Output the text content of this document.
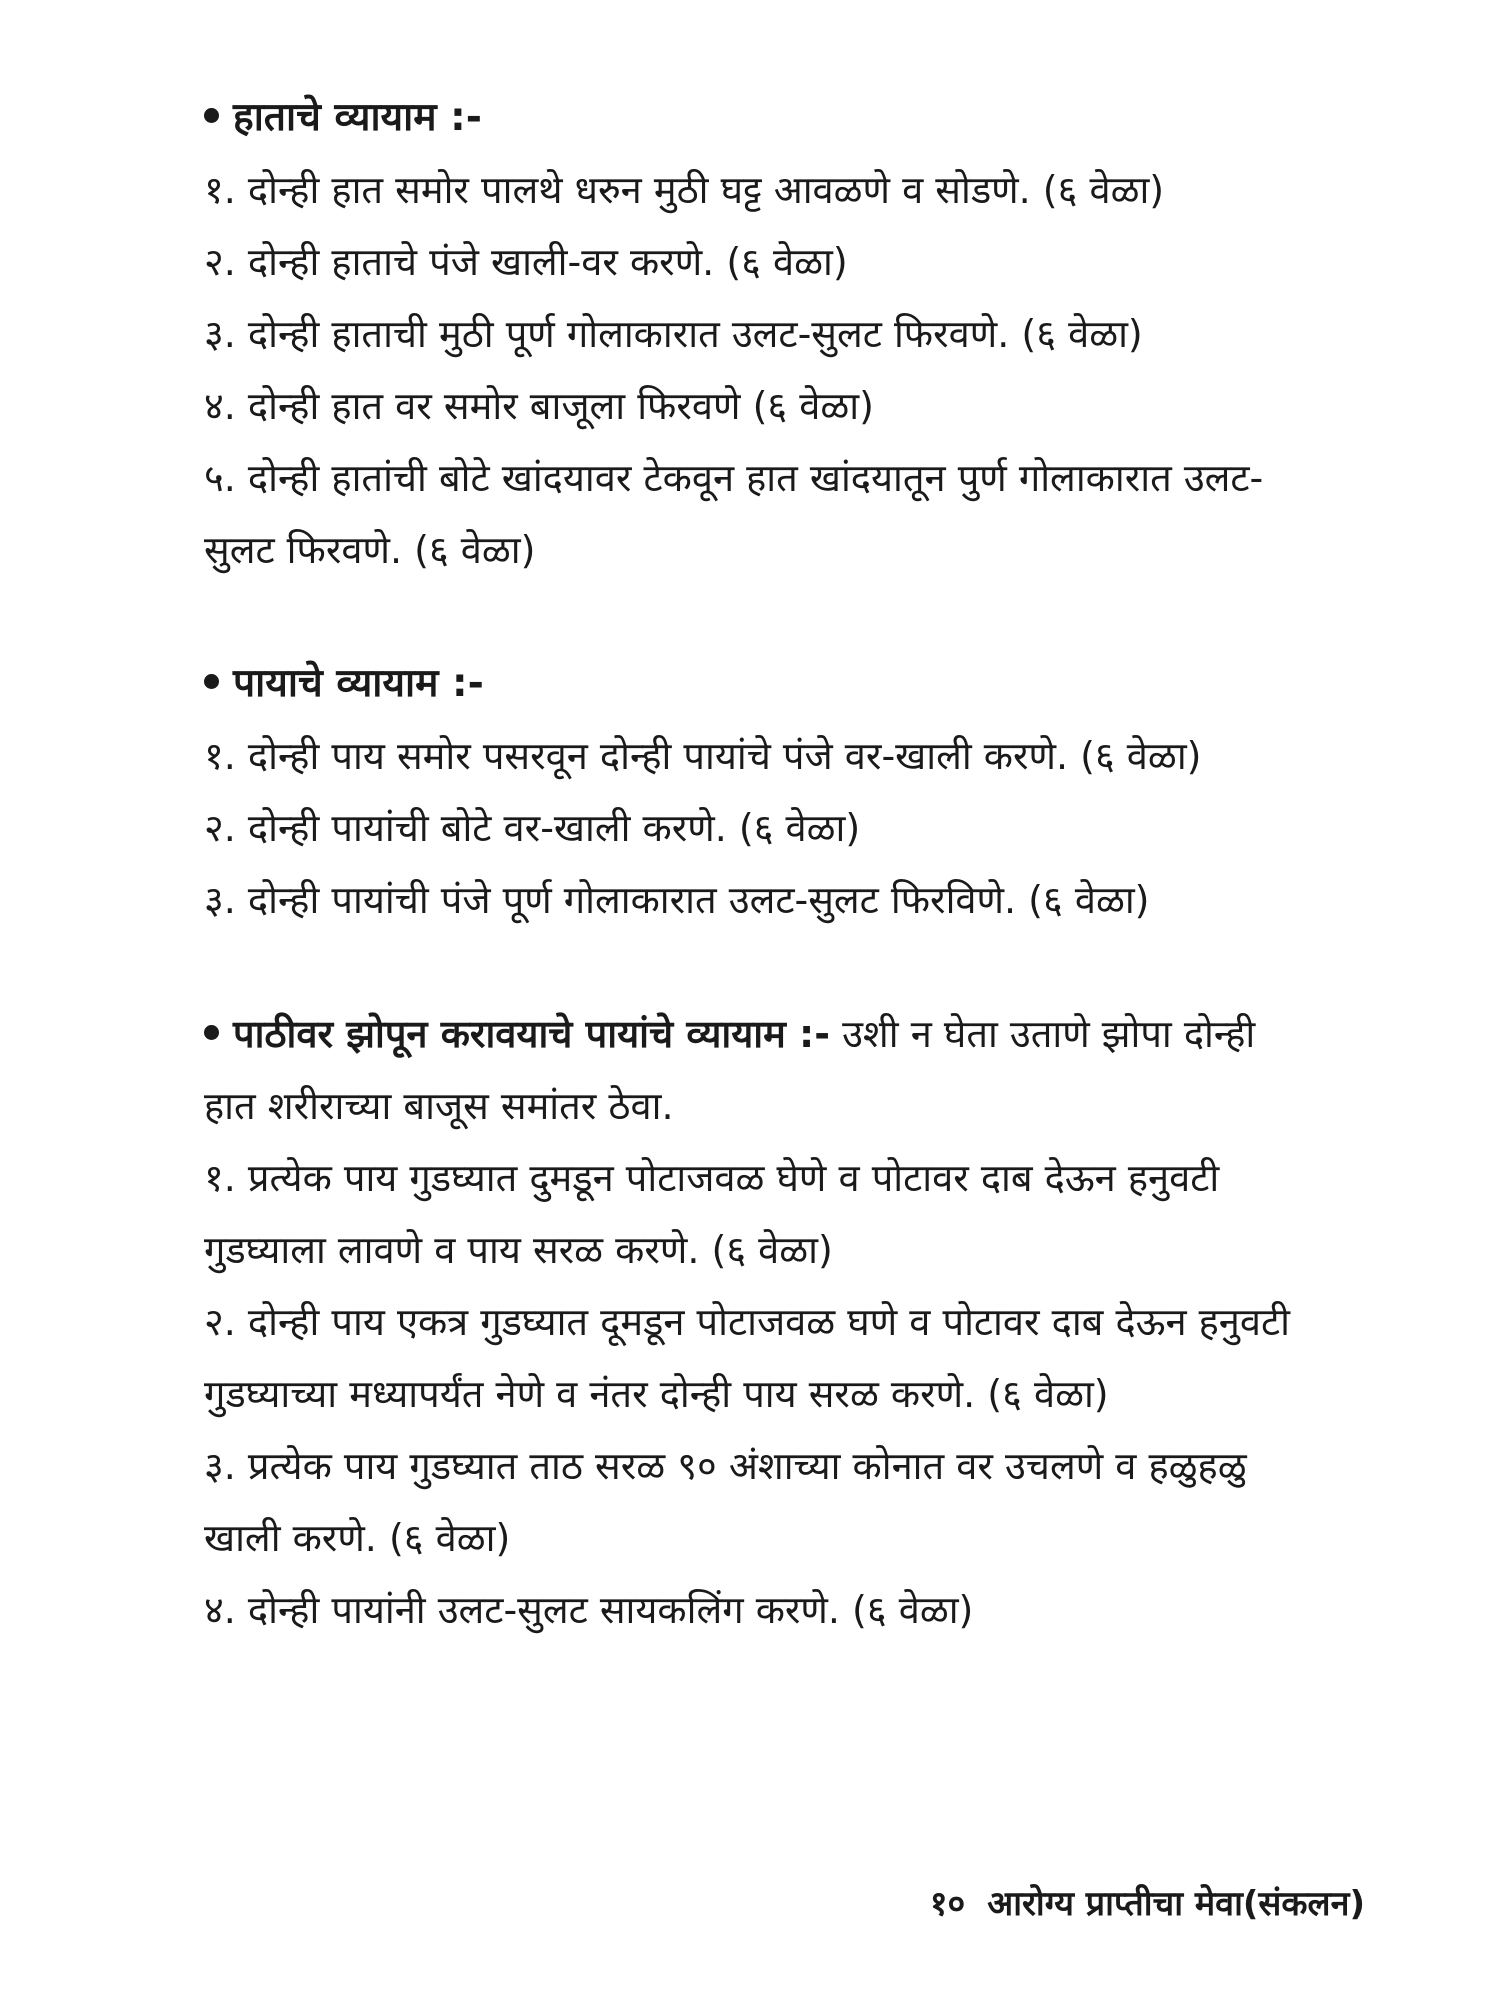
हाताचे व्यायाम :-

१. दोन्ही हात समोर पालथे धरुन मुठी घट्ट आवळणे व सोडणे. (६ वेळा)

२. दोन्ही हाताचे पंजे खाली-वर करणे. (६ वेळा)

३. दोन्ही हाताची मुठी पूर्ण गोलाकारात उलट-सुलट फिरवणे. (६ वेळा)

४. दोन्ही हात वर समोर बाजूला फिरवणे (६ वेळा)

५. दोन्ही हातांची बोटे खांदयावर टेकवून हात खांदयातून पुर्ण गोलाकारात उलट-सुलट फिरवणे. (६ वेळा)

पायाचे व्यायाम :-

१. दोन्ही पाय समोर पसरवून दोन्ही पायांचे पंजे वर-खाली करणे. (६ वेळा)

२. दोन्ही पायांची बोटे वर-खाली करणे. (६ वेळा)

३. दोन्ही पायांची पंजे पूर्ण गोलाकारात उलट-सुलट फिरविणे. (६ वेळा)

पाठीवर झोपून करावयाचे पायांचे व्यायाम :- उशी न घेता उताणे झोपा दोन्ही हात शरीराच्या बाजूस समांतर ठेवा.

१. प्रत्येक पाय गुडघ्यात दुमडून पोटाजवळ घेणे व पोटावर दाब देऊन हनुवटी गुडघ्याला लावणे व पाय सरळ करणे. (६ वेळा)

२. दोन्ही पाय एकत्र गुडघ्यात दूमडून पोटाजवळ घणे व पोटावर दाब देऊन हनुवटी गुडघ्याच्या मध्यापर्यंत नेणे व नंतर दोन्ही पाय सरळ करणे. (६ वेळा)

३. प्रत्येक पाय गुडघ्यात ताठ सरळ ९० अंशाच्या कोनात वर उचलणे व हळुहळु खाली करणे. (६ वेळा)

४. दोन्ही पायांनी उलट-सुलट सायकलिंग करणे. (६ वेळा)

१० आरोग्य प्राप्तीचा मेवा(संकलन)
